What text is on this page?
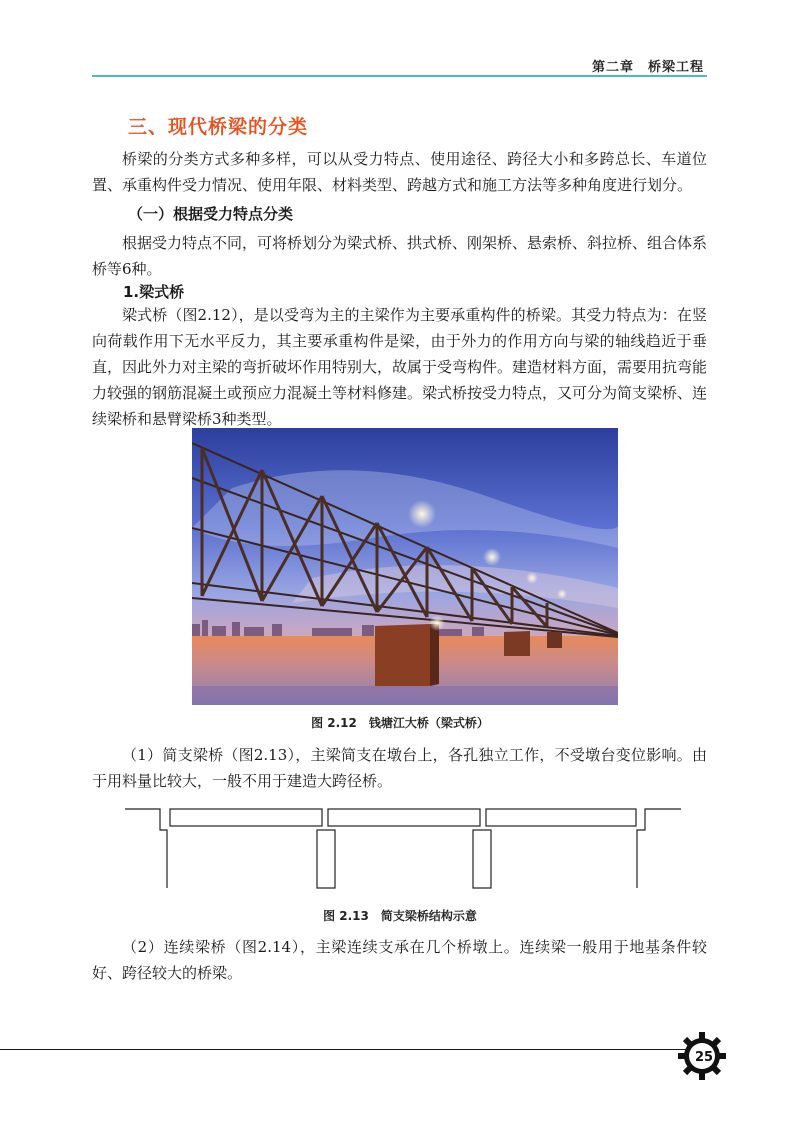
第二章　桥梁工程
三、现代桥梁的分类

桥梁的分类方式多种多样，可以从受力特点、使用途径、跨径大小和多跨总长、车道位置、承重构件受力情况、使用年限、材料类型、跨越方式和施工方法等多种角度进行划分。

（一）根据受力特点分类

根据受力特点不同，可将桥划分为梁式桥、拱式桥、刚架桥、悬索桥、斜拉桥、组合体系桥等6种。

1.梁式桥

梁式桥（图2.12），是以受弯为主的主梁作为主要承重构件的桥梁。其受力特点为：在竖向荷载作用下无水平反力，其主要承重构件是梁，由于外力的作用方向与梁的轴线趋近于垂直，因此外力对主梁的弯折破坏作用特别大，故属于受弯构件。建造材料方面，需要用抗弯能力较强的钢筋混凝土或预应力混凝土等材料修建。梁式桥按受力特点，又可分为简支梁桥、连续梁桥和悬臂梁桥3种类型。

图 2.12　钱塘江大桥（梁式桥）

（1）简支梁桥（图2.13），主梁简支在墩台上，各孔独立工作，不受墩台变位影响。由于用料量比较大，一般不用于建造大跨径桥。

图 2.13　简支梁桥结构示意

（2）连续梁桥（图2.14），主梁连续支承在几个桥墩上。连续梁一般用于地基条件较好、跨径较大的桥梁。

25
